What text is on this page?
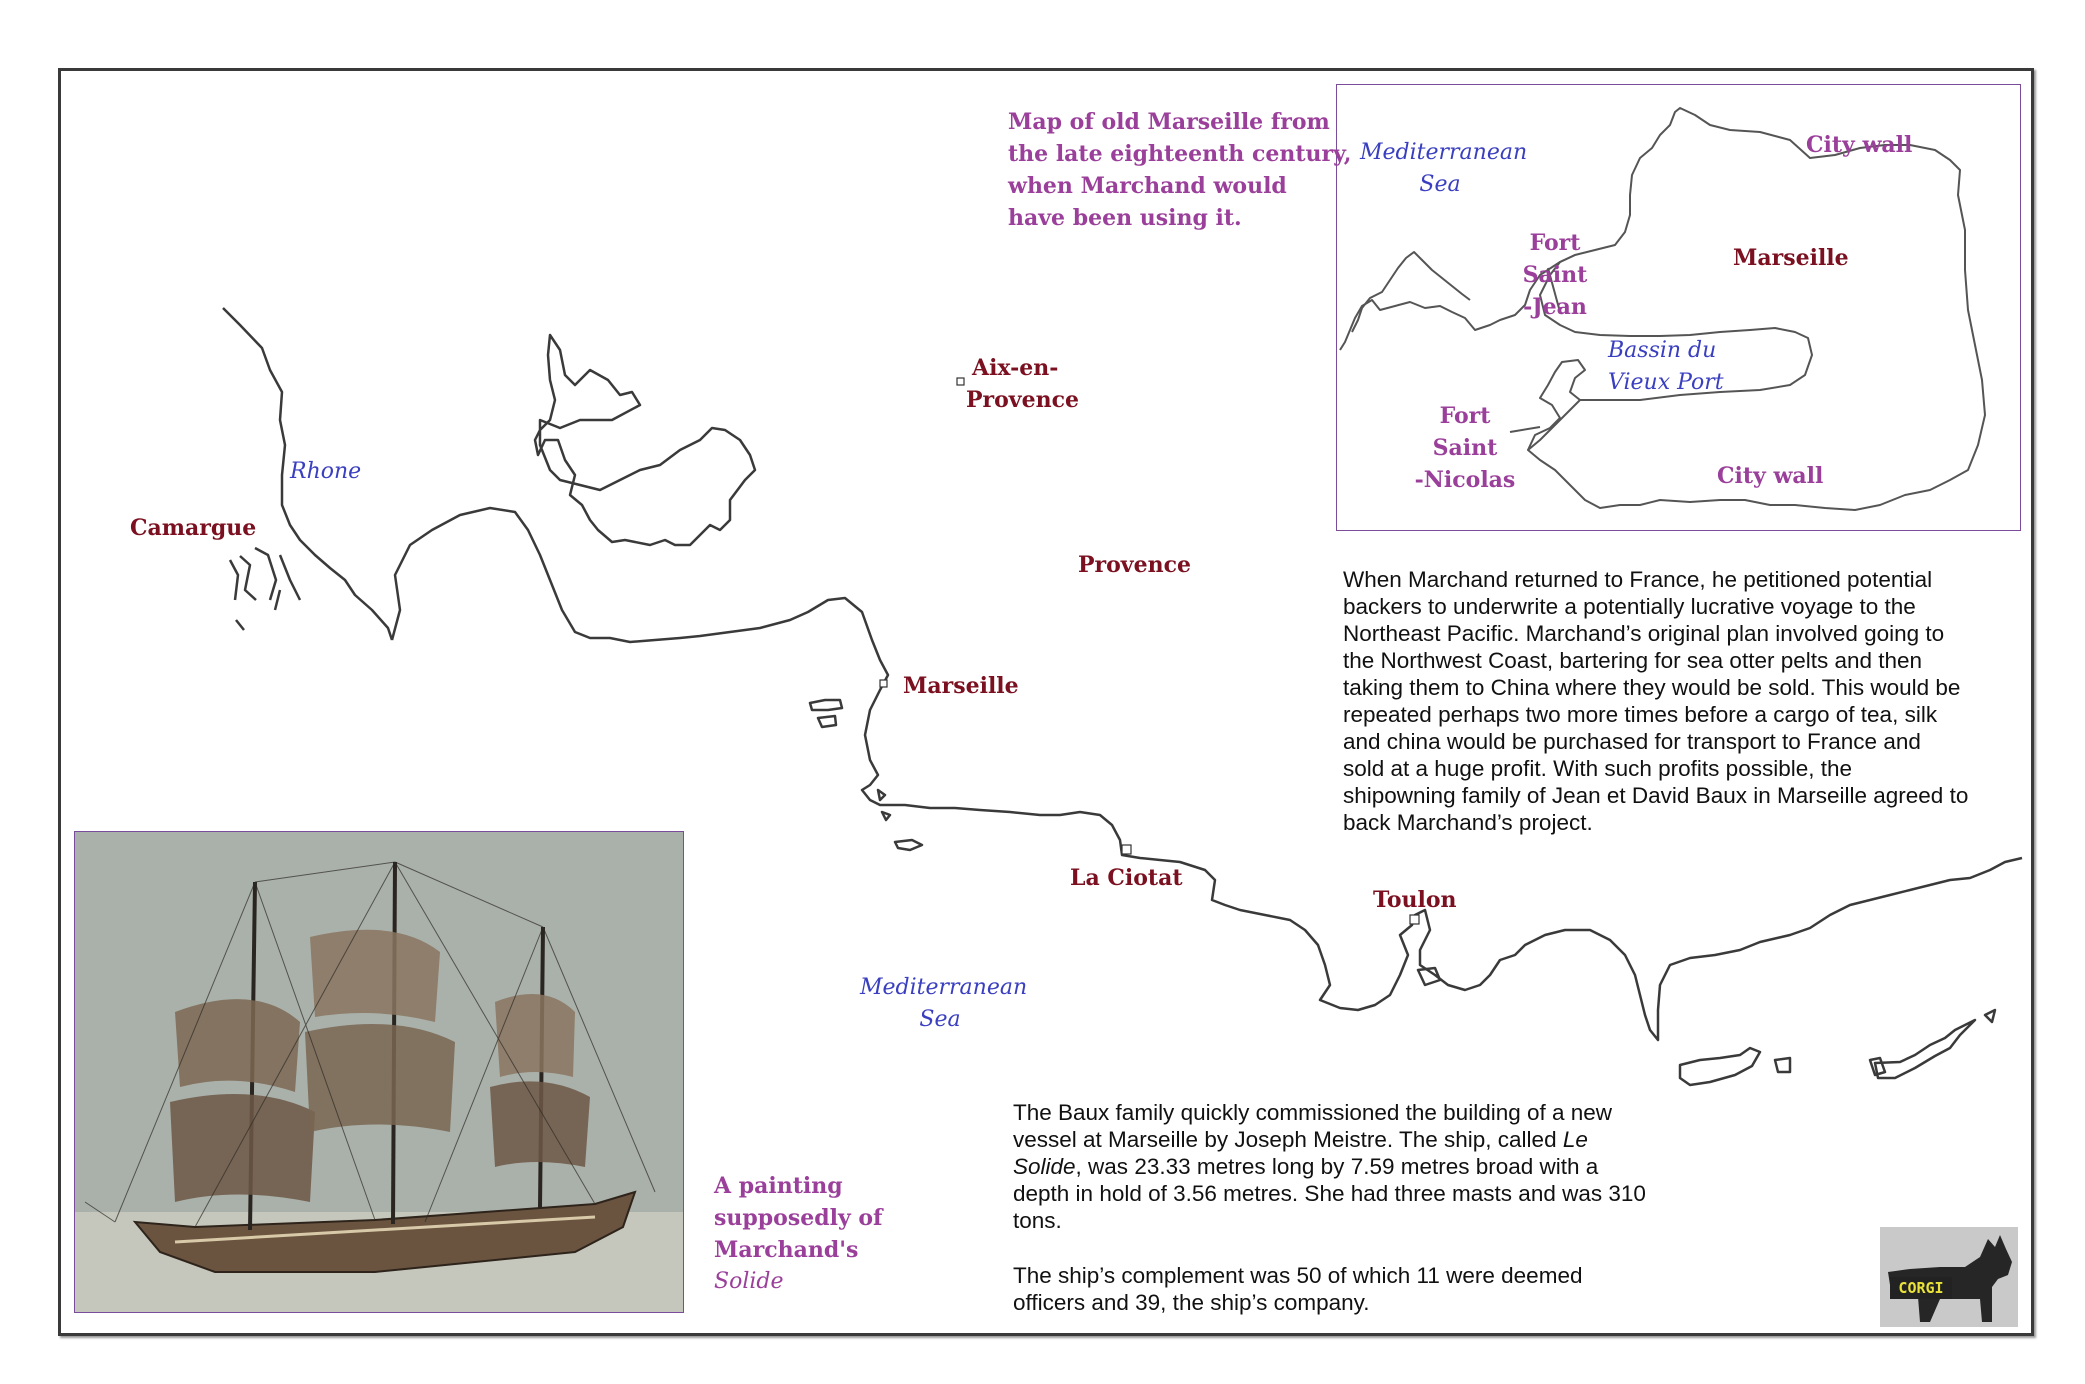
Map of old Marseille from
the late eighteenth century,
when Marchand would
have been using it.
Camargue
Rhone
Aix-en-
Provence
Provence
Marseille
La Ciotat
Toulon
Mediterranean
Sea
Mediterranean
Sea
City wall
Fort Saint
-Jean
Marseille
Bassin du
Vieux Port
Fort Saint
-Nicolas	City wall
When Marchand returned to France, he petitioned potential
backers to underwrite a potentially lucrative voyage to the
Northeast Pacific. Marchand’s original plan involved going to
the Northwest Coast, bartering for sea otter pelts and then
taking them to China where they would be sold. This would be
repeated perhaps two more times before a cargo of tea, silk
and china would be purchased for transport to France and
sold at a huge profit. With such profits possible, the
shipowning family of Jean et David Baux in Marseille agreed to
back Marchand’s project.
The Baux family quickly commissioned the building of a new
vessel at Marseille by Joseph Meistre. The ship, called Le
Solide, was 23.33 metres long by 7.59 metres broad with a
depth in hold of 3.56 metres. She had three masts and was 310
tons.
The ship’s complement was 50 of which 11 were deemed
officers and 39, the ship’s company.
A painting
supposedly of
Marchand's
Solide	CORGI
